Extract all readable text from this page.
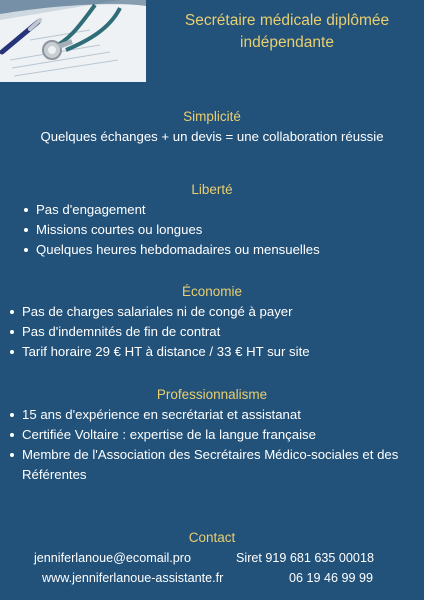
Secrétaire médicale diplômée
indépendante
Simplicité
Quelques échanges + un devis = une collaboration réussie
Liberté
Pas d'engagement
Missions courtes ou longues
Quelques heures hebdomadaires ou mensuelles
Économie
Pas de charges salariales ni de congé à payer
Pas d'indemnités de fin de contrat
Tarif horaire 29 € HT à distance / 33 € HT sur site
Professionnalisme
15 ans d'expérience en secrétariat et assistanat
Certifiée Voltaire : expertise de la langue française
Membre de l'Association des Secrétaires Médico-sociales et des Référentes
Contact
jenniferlanoue@ecomail.pro	Siret 919 681 635 00018
www.jenniferlanoue-assistante.fr	06 19 46 99 99
